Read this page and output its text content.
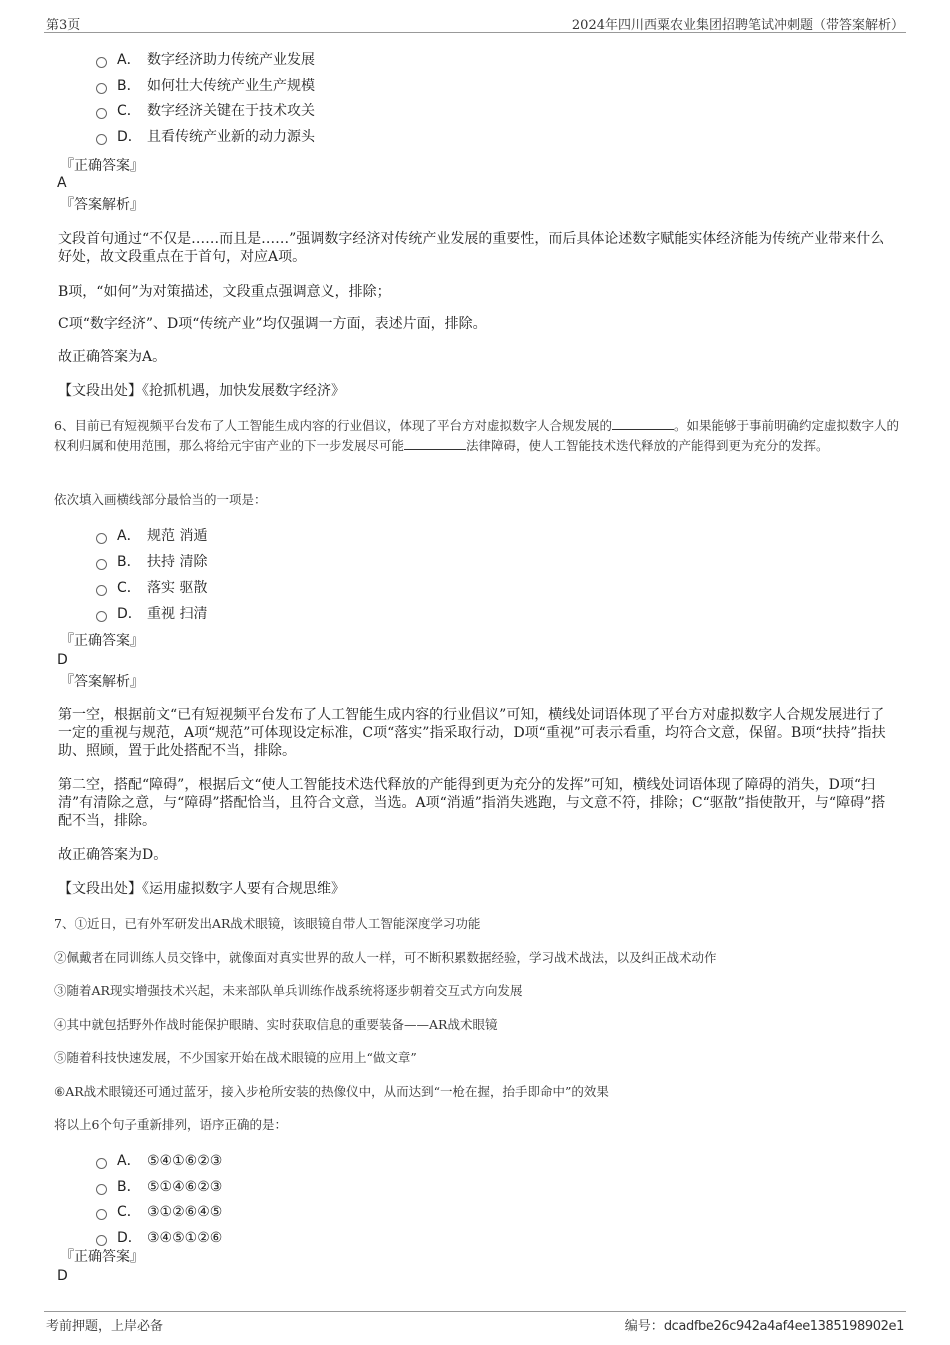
第3页	2024年四川西粟农业集团招聘笔试冲刺题（带答案解析）
A． 数字经济助力传统产业发展
B． 如何壮大传统产业生产规模
C． 数字经济关键在于技术攻关
D． 且看传统产业新的动力源头
『正确答案』
A
『答案解析』
文段首句通过“不仅是……而且是……”强调数字经济对传统产业发展的重要性，而后具体论述数字赋能实体经济能为传统产业带来什么好处，故文段重点在于首句，对应A项。
B项，“如何”为对策描述，文段重点强调意义，排除；
C项“数字经济”、D项“传统产业”均仅强调一方面，表述片面，排除。
故正确答案为A。
【文段出处】《抢抓机遇，加快发展数字经济》
6、目前已有短视频平台发布了人工智能生成内容的行业倡议，体现了平台方对虚拟数字人合规发展的	。如果能够于事前明确约定虚拟数字人的权利归属和使用范围，那么将给元宇宙产业的下一步发展尽可能	法律障碍，使人工智能技术迭代释放的产能得到更为充分的发挥。
依次填入画横线部分最恰当的一项是：
A． 规范 消遁
B． 扶持 清除
C． 落实 驱散
D． 重视 扫清
『正确答案』
D
『答案解析』
第一空，根据前文“已有短视频平台发布了人工智能生成内容的行业倡议”可知，横线处词语体现了平台方对虚拟数字人合规发展进行了一定的重视与规范，A项“规范”可体现设定标准，C项“落实”指采取行动，D项“重视”可表示看重，均符合文意，保留。B项“扶持”指扶助、照顾，置于此处搭配不当，排除。
第二空，搭配“障碍”，根据后文“使人工智能技术迭代释放的产能得到更为充分的发挥”可知，横线处词语体现了障碍的消失，D项“扫清”有清除之意，与“障碍”搭配恰当，且符合文意，当选。A项“消遁”指消失逃跑，与文意不符，排除；C“驱散”指使散开，与“障碍”搭配不当，排除。
故正确答案为D。
【文段出处】《运用虚拟数字人要有合规思维》
7、①近日，已有外军研发出AR战术眼镜，该眼镜自带人工智能深度学习功能
②佩戴者在同训练人员交锋中，就像面对真实世界的敌人一样，可不断积累数据经验，学习战术战法，以及纠正战术动作
③随着AR现实增强技术兴起，未来部队单兵训练作战系统将逐步朝着交互式方向发展
④其中就包括野外作战时能保护眼睛、实时获取信息的重要装备——AR战术眼镜
⑤随着科技快速发展，不少国家开始在战术眼镜的应用上“做文章”
⑥AR战术眼镜还可通过蓝牙，接入步枪所安装的热像仪中，从而达到“一枪在握，抬手即命中”的效果
将以上6个句子重新排列，语序正确的是：
A． ⑤④①⑥②③
B． ⑤①④⑥②③
C． ③①②⑥④⑤
D． ③④⑤①②⑥
『正确答案』
D
考前押题，上岸必备	编号：dcadfbe26c942a4af4ee1385198902e1
